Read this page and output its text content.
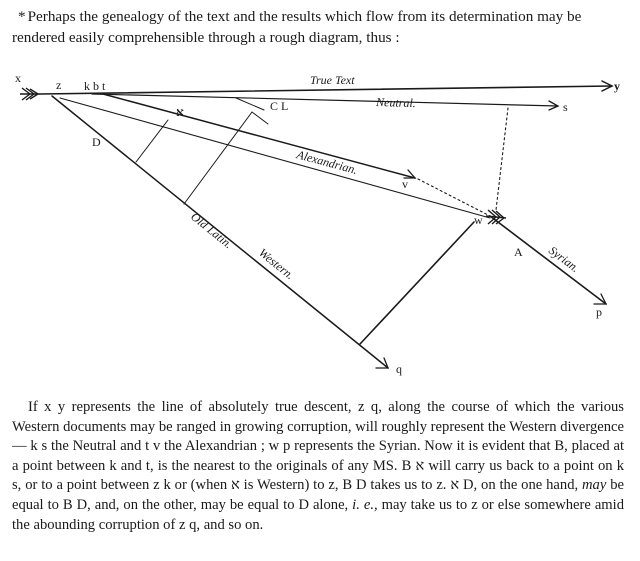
* Perhaps the genealogy of the text and the results which flow from its determination may be rendered easily comprehensible through a rough diagram, thus :

x	z k b t	y
א	C L	s
D
v
w
A
p
q
True Text
Neutral.
Alexandrian.
Old Latin.
Western.	Syrian.

If x y represents the line of absolutely true descent, z q, along the course of which the various Western documents may be ranged in growing corruption, will roughly represent the Western divergence — k s the Neutral and t v the Alexandrian ; w p represents the Syrian. Now it is evident that B, placed at a point between k and t, is the nearest to the originals of any MS. B א will carry us back to a point on k s, or to a point between z k or (when א is Western) to z, B D takes us to z. א D, on the one hand, may be equal to B D, and, on the other, may be equal to D alone, i. e., may take us to z or else somewhere amid the abounding corruption of z q, and so on.
